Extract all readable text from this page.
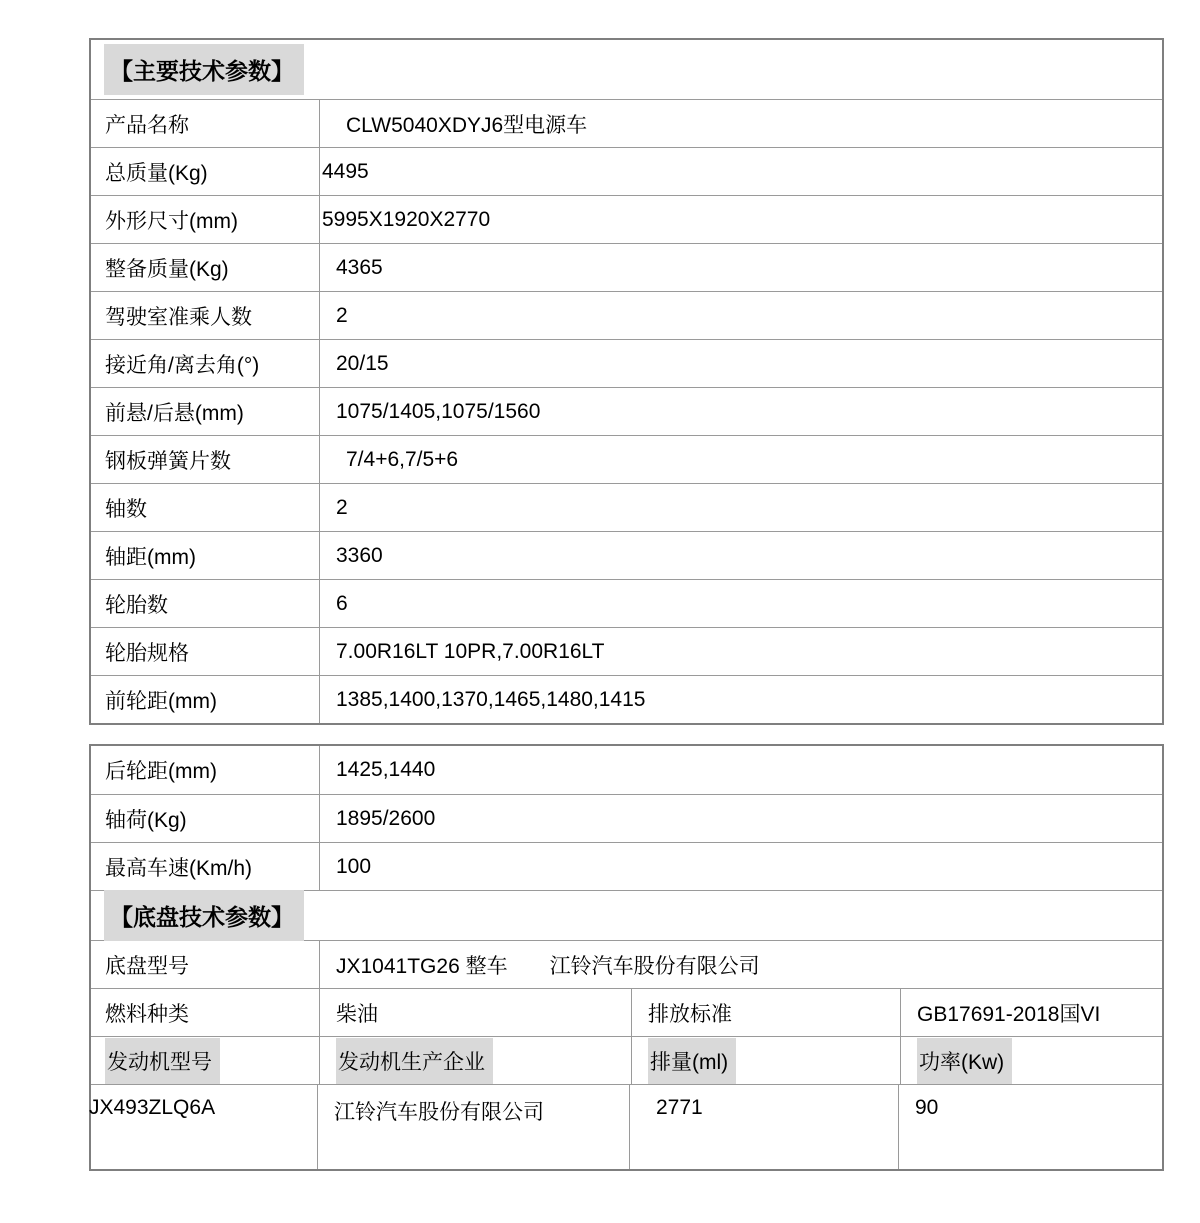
【主要技术参数】
产品名称	CLW5040XDYJ6型电源车
总质量(Kg)	4495
外形尺寸(mm)	5995X1920X2770
整备质量(Kg)	4365
驾驶室准乘人数	2
接近角/离去角(°)	20/15
前悬/后悬(mm)	1075/1405,1075/1560
钢板弹簧片数	7/4+6,7/5+6
轴数	2
轴距(mm)	3360
轮胎数	6
轮胎规格	7.00R16LT 10PR,7.00R16LT
前轮距(mm)	1385,1400,1370,1465,1480,1415
后轮距(mm)	1425,1440
轴荷(Kg)	1895/2600
最高车速(Km/h)	100
【底盘技术参数】
底盘型号	JX1041TG26 整车　　江铃汽车股份有限公司
燃料种类	柴油	排放标准	GB17691-2018国VI
发动机型号	发动机生产企业	排量(ml)	功率(Kw)
JX493ZLQ6A	江铃汽车股份有限公司	2771	90
